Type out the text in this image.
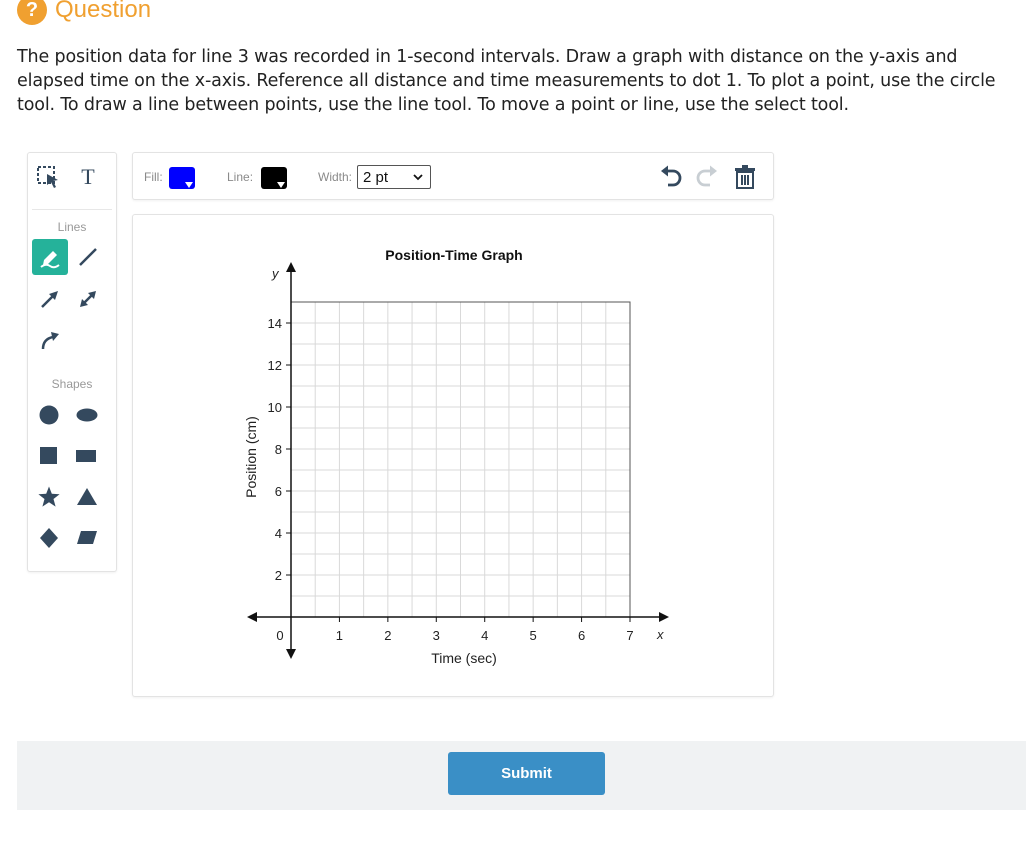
? Question
The position data for line 3 was recorded in 1-second intervals. Draw a graph with distance on the y-axis and elapsed time on the x-axis. Reference all distance and time measurements to dot 1. To plot a point, use the circle tool. To draw a line between points, use the line tool. To move a point or line, use the select tool.
T
Lines
Shapes
Fill:	Line:	Width: 2 pt
0	1	2	3	4	5	6	7
2
4
6
8
10
12
14
Position-Time Graph
Time (sec)
Position (cm)
x
y
Submit
